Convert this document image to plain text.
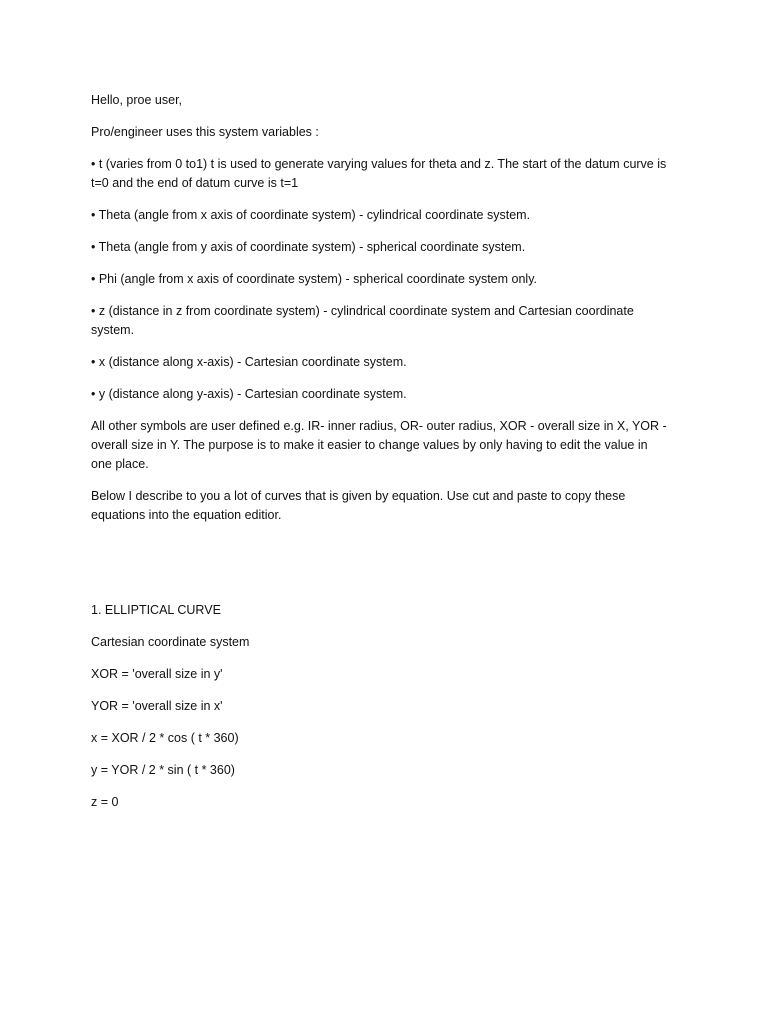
Hello, proe user,

Pro/engineer uses this system variables :

• t (varies from 0 to1) t is used to generate varying values for theta and z. The start of the datum curve is t=0 and the end of datum curve is t=1

• Theta (angle from x axis of coordinate system) - cylindrical coordinate system.

• Theta (angle from y axis of coordinate system) - spherical coordinate system.

• Phi (angle from x axis of coordinate system) - spherical coordinate system only.

• z (distance in z from coordinate system) - cylindrical coordinate system and Cartesian coordinate system.

• x (distance along x-axis) - Cartesian coordinate system.

• y (distance along y-axis) - Cartesian coordinate system.

All other symbols are user defined e.g. IR- inner radius, OR- outer radius, XOR - overall size in X, YOR - overall size in Y. The purpose is to make it easier to change values by only having to edit the value in one place.

Below I describe to you a lot of curves that is given by equation. Use cut and paste to copy these equations into the equation editior.

1. ELLIPTICAL CURVE

Cartesian coordinate system

XOR = 'overall size in y'

YOR = 'overall size in x'

x = XOR / 2 * cos ( t * 360)

y = YOR / 2 * sin ( t * 360)

z = 0
